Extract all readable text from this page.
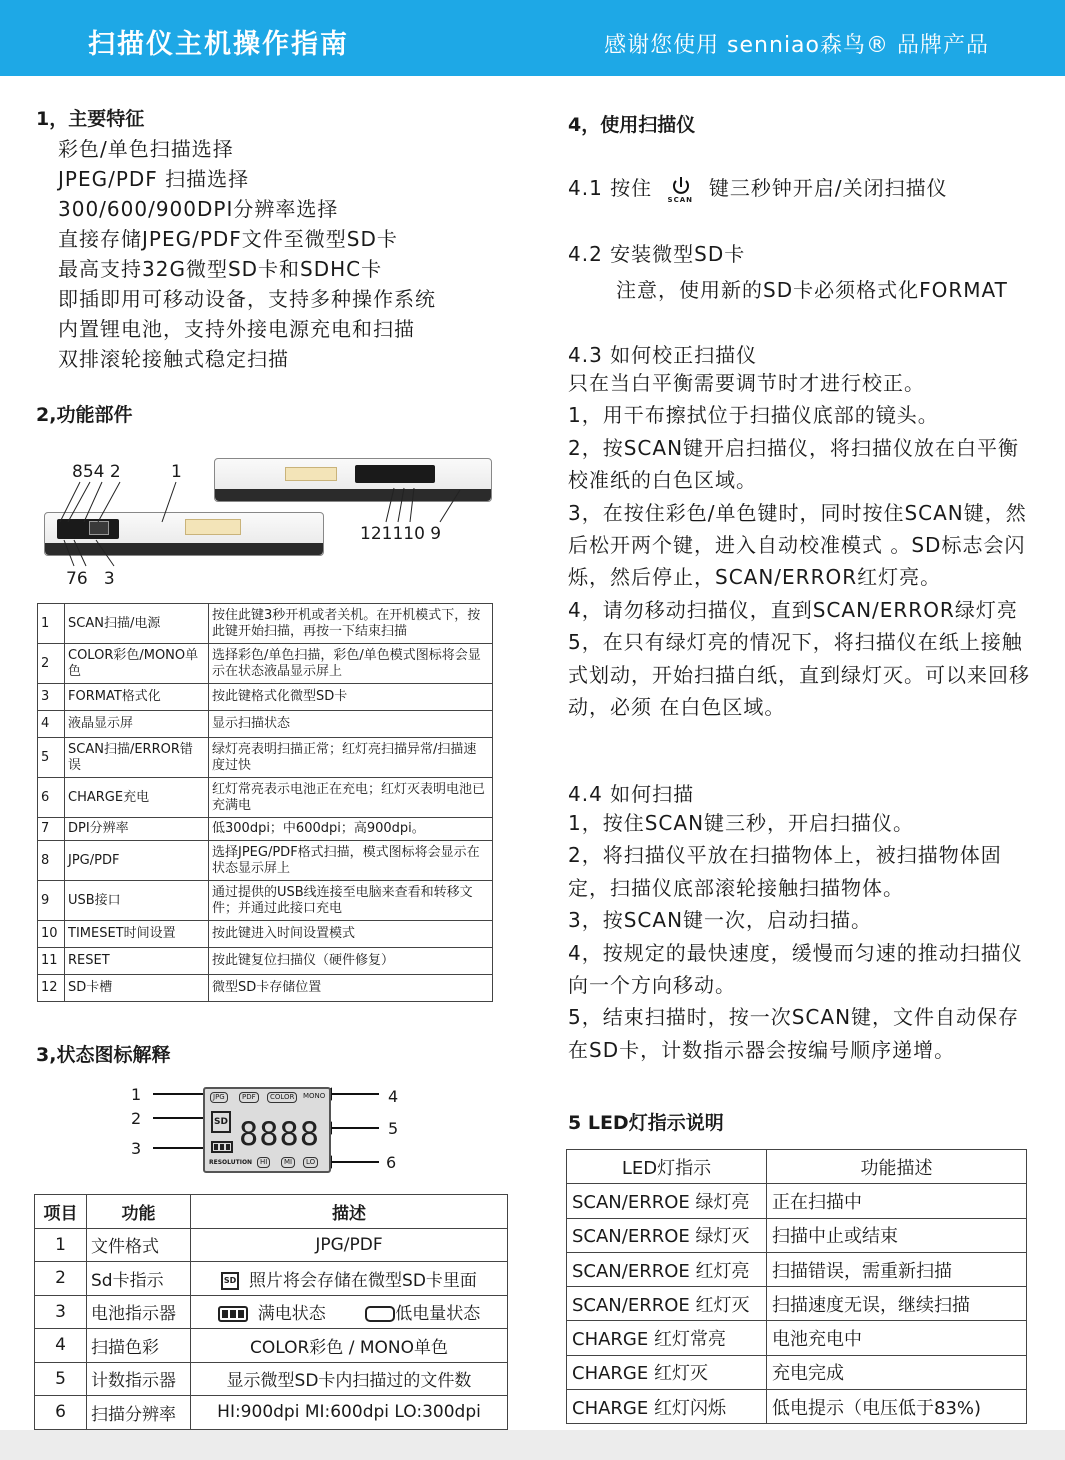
扫描仪主机操作指南	感谢您使用 senniao森鸟® 品牌产品
1，主要特征
彩色/单色扫描选择
JPEG/PDF 扫描选择
300/600/900DPI分辨率选择
直接存储JPEG/PDF文件至微型SD卡
最高支持32G微型SD卡和SDHC卡
即插即用可移动设备，支持多种操作系统
内置锂电池，支持外接电源充电和扫描
双排滚轮接触式稳定扫描
2,功能部件
854 2	1
121110 9
76   3
1	SCAN扫描/电源	按住此键3秒开机或者关机。在开机模式下，按此键开始扫描，再按一下结束扫描
2	COLOR彩色/MONO单色	选择彩色/单色扫描，彩色/单色模式图标将会显示在状态液晶显示屏上
3	FORMAT格式化	按此键格式化微型SD卡
4	液晶显示屏	显示扫描状态
5	SCAN扫描/ERROR错误	绿灯亮表明扫描正常；红灯亮扫描异常/扫描速度过快
6	CHARGE充电	红灯常亮表示电池正在充电；红灯灭表明电池已充满电
7	DPI分辨率	低300dpi；中600dpi；高900dpi。
8	JPG/PDF	选择JPEG/PDF格式扫描，模式图标将会显示在状态显示屏上
9	USB接口	通过提供的USB线连接至电脑来查看和转移文件；并通过此接口充电
10	TIMESET时间设置	按此键进入时间设置模式
11	RESET	按此键复位扫描仪（硬件修复）
12	SD卡槽	微型SD卡存储位置
3,状态图标解释
1
2
3
4
5
6
JPG	PDF	COLOR	MONO
SD 8888
RESOLUTION	HI	MI	LO
项目	功能	描述
1	文件格式	JPG/PDF
2	Sd卡指示	SD 照片将会存储在微型SD卡里面
3	电池指示器	满电状态 低电量状态
4	扫描色彩	COLOR彩色 / MONO单色
5	计数指示器	显示微型SD卡内扫描过的文件数
6	扫描分辨率	HI:900dpi MI:600dpi LO:300dpi
4，使用扫描仪
4.1 按住 SCAN 键三秒钟开启/关闭扫描仪
4.2 安装微型SD卡
注意，使用新的SD卡必须格式化FORMAT
4.3 如何校正扫描仪
只在当白平衡需要调节时才进行校正。
1，用干布擦拭位于扫描仪底部的镜头。
2，按SCAN键开启扫描仪，将扫描仪放在白平衡校准纸的白色区域。
3，在按住彩色/单色键时，同时按住SCAN键，然后松开两个键，进入自动校准模式 。SD标志会闪烁，然后停止，SCAN/ERROR红灯亮。
4，请勿移动扫描仪，直到SCAN/ERROR绿灯亮
5，在只有绿灯亮的情况下，将扫描仪在纸上接触式划动，开始扫描白纸，直到绿灯灭。可以来回移动，必须 在白色区域。
4.4 如何扫描
1，按住SCAN键三秒，开启扫描仪。
2，将扫描仪平放在扫描物体上，被扫描物体固定，扫描仪底部滚轮接触扫描物体。
3，按SCAN键一次，启动扫描。
4，按规定的最快速度，缓慢而匀速的推动扫描仪向一个方向移动。
5，结束扫描时，按一次SCAN键，文件自动保存在SD卡，计数指示器会按编号顺序递增。
5 LED灯指示说明
LED灯指示	功能描述
SCAN/ERROE 绿灯亮	正在扫描中
SCAN/ERROE 绿灯灭	扫描中止或结束
SCAN/ERROE 红灯亮	扫描错误，需重新扫描
SCAN/ERROE 红灯灭	扫描速度无误，继续扫描
CHARGE 红灯常亮	电池充电中
CHARGE 红灯灭	充电完成
CHARGE 红灯闪烁	低电提示（电压低于83%)
